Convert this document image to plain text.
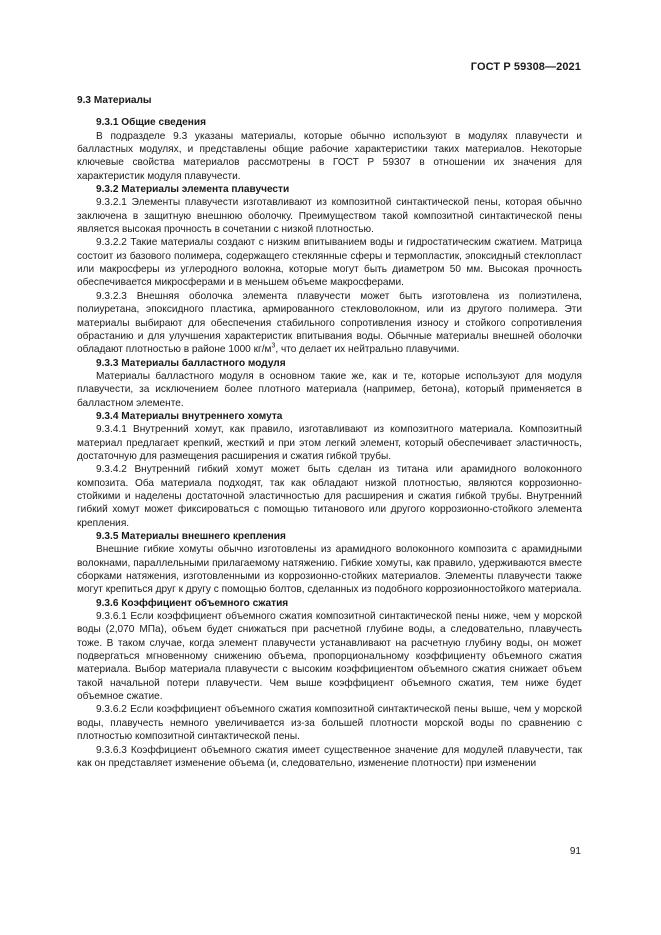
ГОСТ Р 59308—2021
9.3 Материалы
9.3.1 Общие сведения

В подразделе 9.3 указаны материалы, которые обычно используют в модулях плавучести и балластных модулях, и представлены общие рабочие характеристики таких материалов. Некоторые ключевые свойства материалов рассмотрены в ГОСТ Р 59307 в отношении их значения для характеристик модуля плавучести.

9.3.2 Материалы элемента плавучести

9.3.2.1 Элементы плавучести изготавливают из композитной синтактической пены, которая обычно заключена в защитную внешнюю оболочку. Преимуществом такой композитной синтактической пены является высокая прочность в сочетании с низкой плотностью.

9.3.2.2 Такие материалы создают с низким впитыванием воды и гидростатическим сжатием. Матрица состоит из базового полимера, содержащего стеклянные сферы и термопластик, эпоксидный стеклопласт или макросферы из углеродного волокна, которые могут быть диаметром 50 мм. Высокая прочность обеспечивается микросферами и в меньшем объеме макросферами.

9.3.2.3 Внешняя оболочка элемента плавучести может быть изготовлена из полиэтилена, полиуретана, эпоксидного пластика, армированного стекловолокном, или из другого полимера. Эти материалы выбирают для обеспечения стабильного сопротивления износу и стойкого сопротивления обрастанию и для улучшения характеристик впитывания воды. Обычные материалы внешней оболочки обладают плотностью в районе 1000 $кг/м^3$, что делает их нейтрально плавучими.

9.3.3 Материалы балластного модуля

Материалы балластного модуля в основном такие же, как и те, которые используют для модуля плавучести, за исключением более плотного материала (например, бетона), который применяется в балластном элементе.

9.3.4 Материалы внутреннего хомута

9.3.4.1 Внутренний хомут, как правило, изготавливают из композитного материала. Композитный материал предлагает крепкий, жесткий и при этом легкий элемент, который обеспечивает эластичность, достаточную для размещения расширения и сжатия гибкой трубы.

9.3.4.2 Внутренний гибкий хомут может быть сделан из титана или арамидного волоконного композита. Оба материала подходят, так как обладают низкой плотностью, являются коррозионно-стойкими и наделены достаточной эластичностью для расширения и сжатия гибкой трубы. Внутренний гибкий хомут может фиксироваться с помощью титанового или другого коррозионно-стойкого элемента крепления.

9.3.5 Материалы внешнего крепления

Внешние гибкие хомуты обычно изготовлены из арамидного волоконного композита с арамидными волокнами, параллельными прилагаемому натяжению. Гибкие хомуты, как правило, удерживаются вместе сборками натяжения, изготовленными из коррозионно-стойких материалов. Элементы плавучести также могут крепиться друг к другу с помощью болтов, сделанных из подобного коррозионностойкого материала.

9.3.6 Коэффициент объемного сжатия

9.3.6.1 Если коэффициент объемного сжатия композитной синтактической пены ниже, чем у морской воды (2,070 МПа), объем будет снижаться при расчетной глубине воды, а следовательно, плавучесть тоже. В таком случае, когда элемент плавучести устанавливают на расчетную глубину воды, он может подвергаться мгновенному снижению объема, пропорциональному коэффициенту объемного сжатия материала. Выбор материала плавучести с высоким коэффициентом объемного сжатия снижает объем такой начальной потери плавучести. Чем выше коэффициент объемного сжатия, тем ниже будет объемное сжатие.

9.3.6.2 Если коэффициент объемного сжатия композитной синтактической пены выше, чем у морской воды, плавучесть немного увеличивается из-за большей плотности морской воды по сравнению с плотностью композитной синтактической пены.

9.3.6.3 Коэффициент объемного сжатия имеет существенное значение для модулей плавучести, так как он представляет изменение объема (и, следовательно, изменение плотности) при изменении

91
